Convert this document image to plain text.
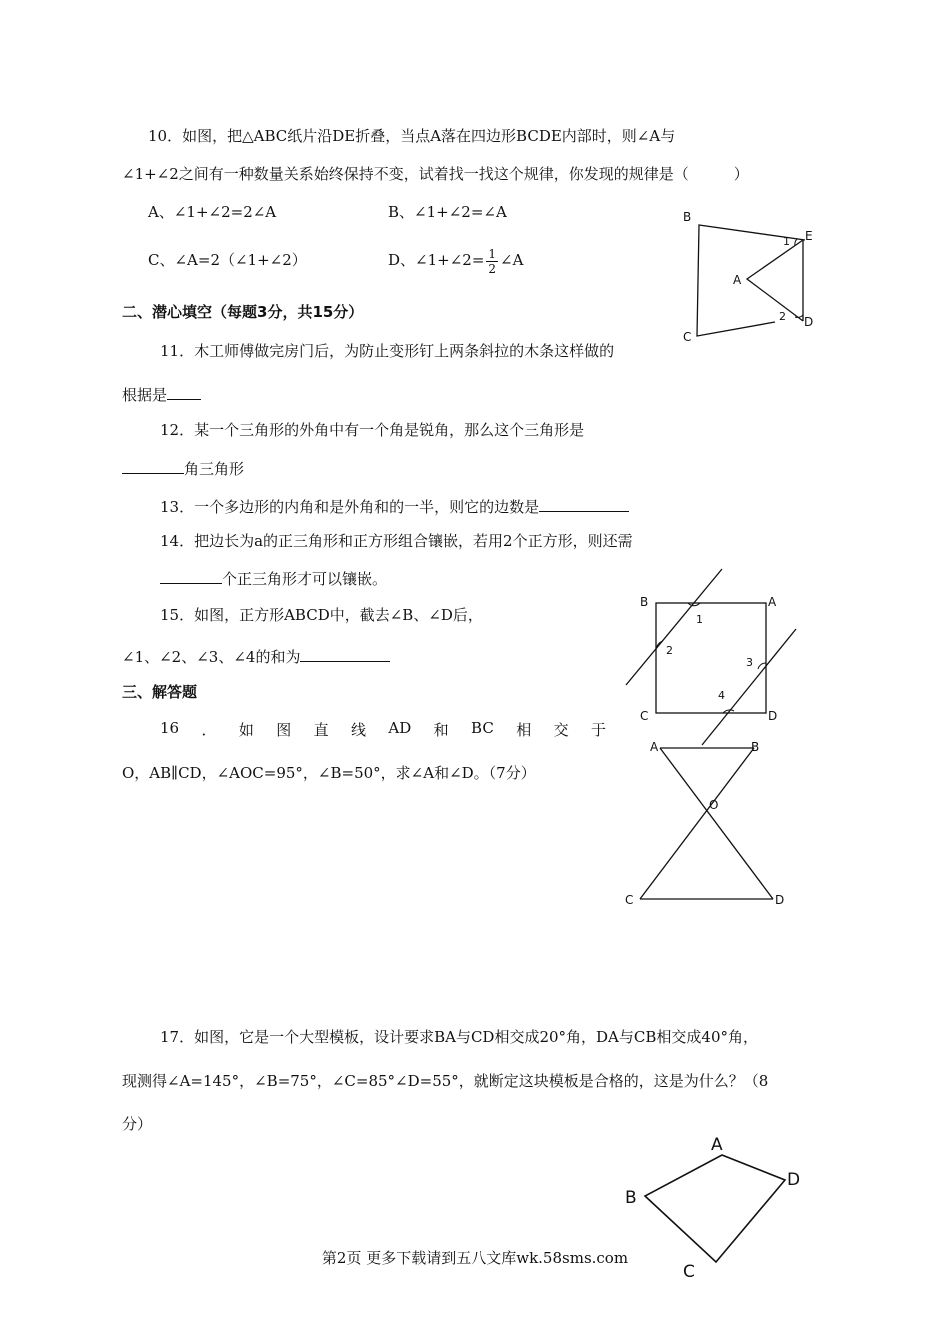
10．如图，把△ABC纸片沿DE折叠，当点A落在四边形BCDE内部时，则∠A与
∠1+∠2之间有一种数量关系始终保持不变，试着找一找这个规律，你发现的规律是（　　　）
A、∠1+∠2=2∠A	B、∠1+∠2=∠A
C、∠A=2（∠1+∠2）	D、∠1+∠2= $\frac{1}{2}$ ∠A
B
E
A
C
D
1
2
二、潜心填空（每题3分，共15分）
11．木工师傅做完房门后，为防止变形钉上两条斜拉的木条这样做的
根据是
12．某一个三角形的外角中有一个角是锐角，那么这个三角形是
角三角形
13．一个多边形的内角和是外角和的一半，则它的边数是
14．把边长为a的正三角形和正方形组合镶嵌，若用2个正方形，则还需
个正三角形才可以镶嵌。
15．如图，正方形ABCD中，截去∠B、∠D后，
∠1、∠2、∠3、∠4的和为
B	A
C	D
1
2
3
4
三、解答题
16 ． 如 图 直 线 AD 和 BC 相 交 于
O，AB∥CD，∠AOC=95°，∠B=50°，求∠A和∠D。（7分）
A	B
O
C	D
17．如图，它是一个大型模板，设计要求BA与CD相交成20°角，DA与CB相交成40°角，
现测得∠A=145°，∠B=75°，∠C=85°∠D=55°，就断定这块模板是合格的，这是为什么？（8
分）
A
B
C
D
第2页 更多下载请到五八文库wk.58sms.com
